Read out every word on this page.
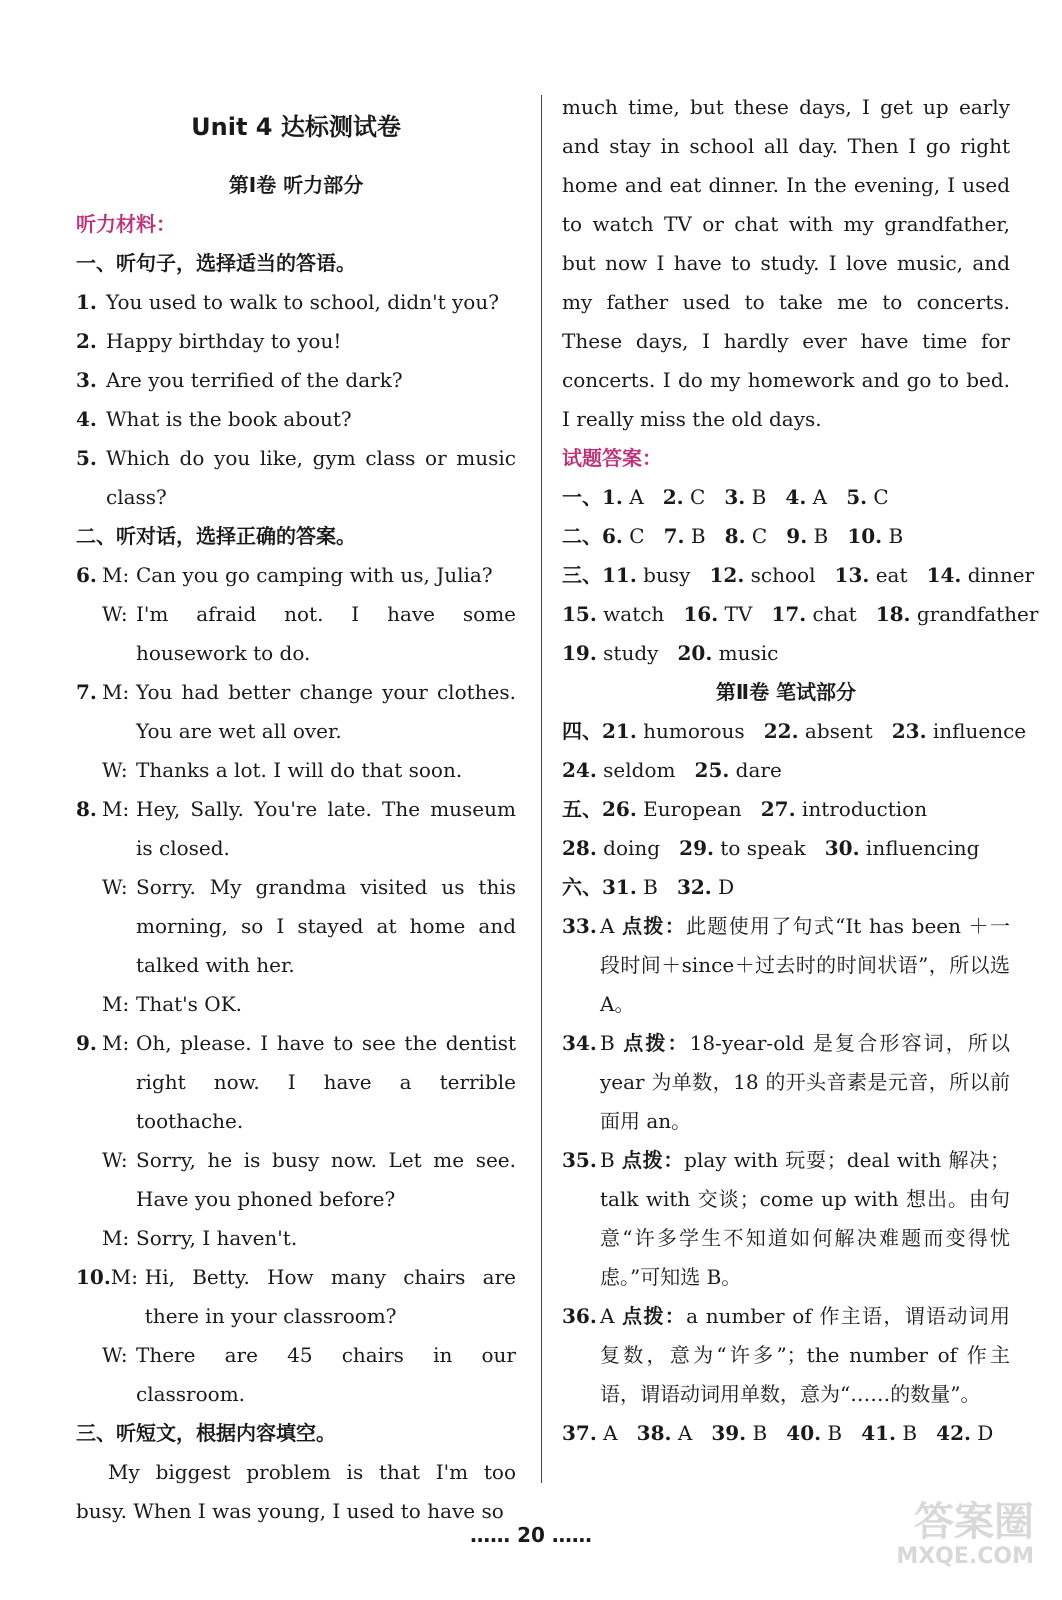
Unit 4 达标测试卷
第Ⅰ卷 听力部分
听力材料：
一、听句子，选择适当的答语。
1. You used to walk to school, didn't you?
2. Happy birthday to you!
3. Are you terrified of the dark?
4. What is the book about?
5. Which do you like, gym class or music class?
二、听对话，选择正确的答案。
6. M: Can you go camping with us, Julia?
W: I'm afraid not. I have some housework to do.
7. M: You had better change your clothes. You are wet all over.
W: Thanks a lot. I will do that soon.
8. M: Hey, Sally. You're late. The museum is closed.
W: Sorry. My grandma visited us this morning, so I stayed at home and talked with her.
M: That's OK.
9. M: Oh, please. I have to see the dentist right now. I have a terrible toothache.
W: Sorry, he is busy now. Let me see. Have you phoned before?
M: Sorry, I haven't.
10. M: Hi, Betty. How many chairs are there in your classroom?
W: There are 45 chairs in our classroom.
三、听短文，根据内容填空。
My biggest problem is that I'm too busy. When I was young, I used to have so
much time, but these days, I get up early and stay in school all day. Then I go right home and eat dinner. In the evening, I used to watch TV or chat with my grandfather, but now I have to study. I love music, and my father used to take me to concerts. These days, I hardly ever have time for concerts. I do my homework and go to bed. I really miss the old days.
试题答案：
一、1. A   2. C   3. B   4. A   5. C
二、6. C   7. B   8. C   9. B   10. B
三、11. busy   12. school   13. eat   14. dinner
15. watch   16. TV   17. chat   18. grandfather
19. study   20. music
第Ⅱ卷 笔试部分
四、21. humorous   22. absent   23. influence
24. seldom   25. dare
五、26. European   27. introduction
28. doing   29. to speak   30. influencing
六、31. B   32. D
33. A 点拨：此题使用了句式“It has been ＋一段时间＋since＋过去时的时间状语”，所以选 A。
34. B 点拨：18-year-old 是复合形容词，所以 year 为单数，18 的开头音素是元音，所以前面用 an。
35. B 点拨：play with 玩耍；deal with 解决；talk with 交谈；come up with 想出。由句意“许多学生不知道如何解决难题而变得忧虑。”可知选 B。
36. A 点拨：a number of 作主语，谓语动词用复数，意为“许多”；the number of 作主语，谓语动词用单数，意为“……的数量”。
37. A   38. A   39. B   40. B   41. B   42. D
…… 20 ……	答案圈
MXQE.COM
